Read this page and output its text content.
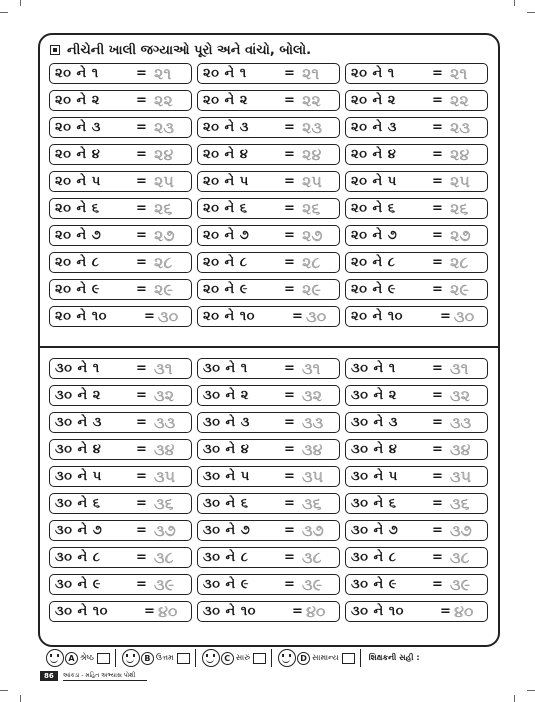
નીચેની ખાલી જગ્યાઓ પૂરો અને વાંચો, બોલો.
૨૦ ને ૧	= ૨૧ ૨૦ ને ૧	= ૨૧ ૨૦ ને ૧	= ૨૧
૨૦ ને ૨	= ૨૨ ૨૦ ને ૨	= ૨૨ ૨૦ ને ૨	= ૨૨
૨૦ ને ૩	= ૨૩ ૨૦ ને ૩	= ૨૩ ૨૦ ને ૩	= ૨૩
૨૦ ને ૪	= ૨૪ ૨૦ ને ૪	= ૨૪ ૨૦ ને ૪	= ૨૪
૨૦ ને ૫	= ૨૫ ૨૦ ને ૫	= ૨૫ ૨૦ ને ૫	= ૨૫
૨૦ ને ૬	= ૨૬ ૨૦ ને ૬	= ૨૬ ૨૦ ને ૬	= ૨૬
૨૦ ને ૭	= ૨૭ ૨૦ ને ૭	= ૨૭ ૨૦ ને ૭	= ૨૭
૨૦ ને ૮	= ૨૮ ૨૦ ને ૮	= ૨૮ ૨૦ ને ૮	= ૨૮
૨૦ ને ૯	= ૨૯ ૨૦ ને ૯	= ૨૯ ૨૦ ને ૯	= ૨૯
૨૦ ને ૧૦	= ૩૦ ૨૦ ને ૧૦	= ૩૦ ૨૦ ને ૧૦	= ૩૦
૩૦ ને ૧	= ૩૧ ૩૦ ને ૧	= ૩૧ ૩૦ ને ૧	= ૩૧
૩૦ ને ૨	= ૩૨ ૩૦ ને ૨	= ૩૨ ૩૦ ને ૨	= ૩૨
૩૦ ને ૩	= ૩૩ ૩૦ ને ૩	= ૩૩ ૩૦ ને ૩	= ૩૩
૩૦ ને ૪	= ૩૪ ૩૦ ને ૪	= ૩૪ ૩૦ ને ૪	= ૩૪
૩૦ ને ૫	= ૩૫ ૩૦ ને ૫	= ૩૫ ૩૦ ને ૫	= ૩૫
૩૦ ને ૬	= ૩૬ ૩૦ ને ૬	= ૩૬ ૩૦ ને ૬	= ૩૬
૩૦ ને ૭	= ૩૭ ૩૦ ને ૭	= ૩૭ ૩૦ ને ૭	= ૩૭
૩૦ ને ૮	= ૩૮ ૩૦ ને ૮	= ૩૮ ૩૦ ને ૮	= ૩૮
૩૦ ને ૯	= ૩૯ ૩૦ ને ૯	= ૩૯ ૩૦ ને ૯	= ૩૯
૩૦ ને ૧૦	= ૪૦ ૩૦ ને ૧૦	= ૪૦ ૩૦ ને ૧૦	= ૪૦
A શ્રેષ્ઠ	B ઉત્તમ	C સારું	D સામાન્ય	શિક્ષકની સહી :
86	આંકડા - મહિત અભ્યાસ પોથી
